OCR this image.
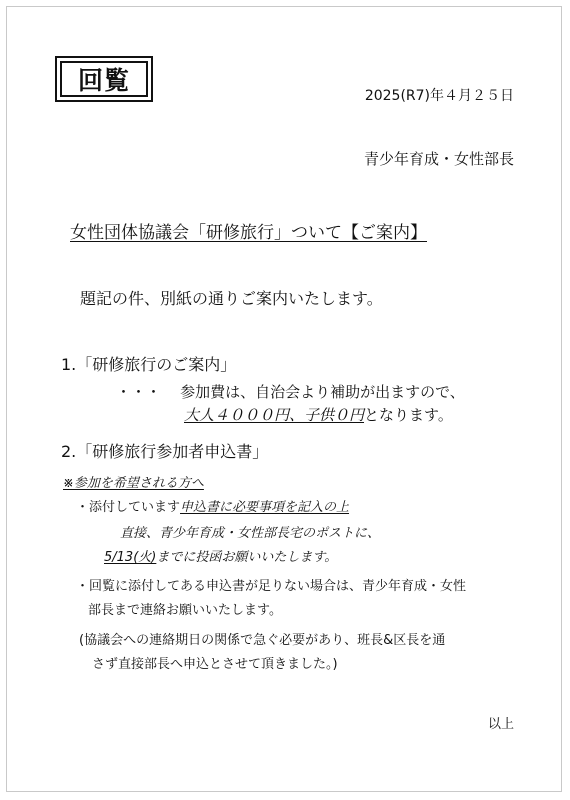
回覧
2025(R7)年４月２５日
青少年育成・女性部長
女性団体協議会「研修旅行」ついて【ご案内】
題記の件、別紙の通りご案内いたします。
1.「研修旅行のご案内」
・・・ 参加費は、自治会より補助が出ますので、
大人４０００円、子供０円となります。
2.「研修旅行参加者申込書」
※参加を希望される方へ
・添付しています申込書に必要事項を記入の上
直接、青少年育成・女性部長宅のポストに、
5/13(火)までに投函お願いいたします。
・回覧に添付してある申込書が足りない場合は、青少年育成・女性
部長まで連絡お願いいたします。
(協議会への連絡期日の関係で急ぐ必要があり、班長&区長を通
さず直接部長へ申込とさせて頂きました。)
以上
